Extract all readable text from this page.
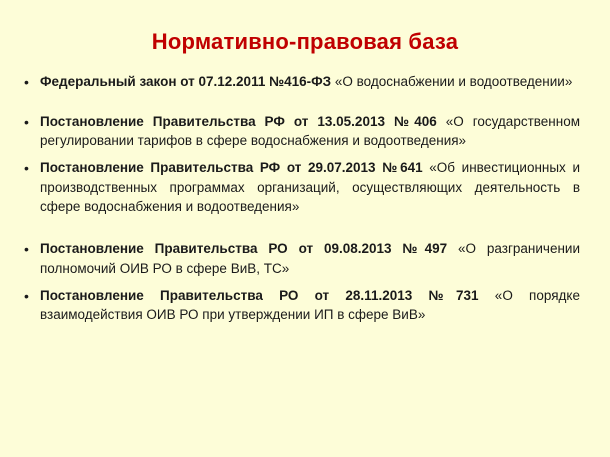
Нормативно-правовая база
• Федеральный закон от 07.12.2011 №416-ФЗ «О водоснабжении и водоотведении»
• Постановление Правительства РФ от 13.05.2013 №406 «О государственном регулировании тарифов в сфере водоснабжения и водоотведения»
• Постановление Правительства РФ от 29.07.2013 №641 «Об инвестиционных и производственных программах организаций, осуществляющих деятельность в сфере водоснабжения и водоотведения»
• Постановление Правительства РО от 09.08.2013 №497 «О разграничении полномочий ОИВ РО в сфере ВиВ, ТС»
• Постановление Правительства РО от 28.11.2013 №731 «О порядке взаимодействия ОИВ РО при утверждении ИП в сфере ВиВ»
